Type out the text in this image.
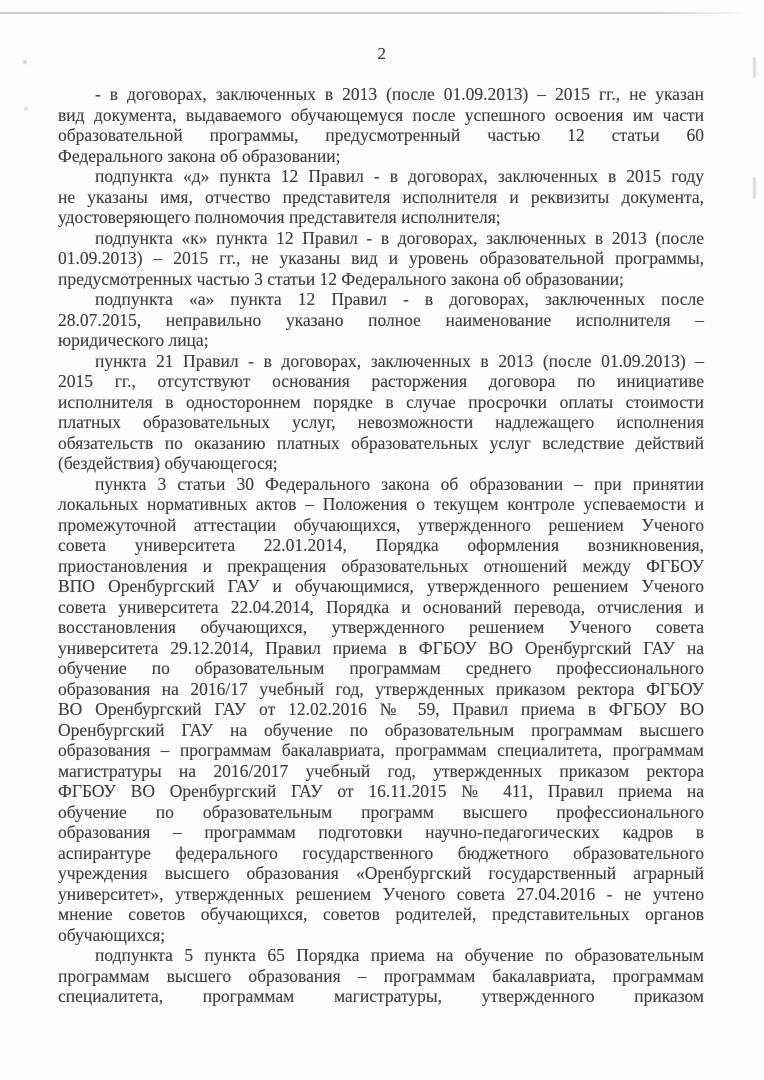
2
- в договорах, заключенных в 2013 (после 01.09.2013) – 2015 гг., не указан
вид документа, выдаваемого обучающемуся после успешного освоения им части
образовательной программы, предусмотренный частью 12 статьи 60
Федерального закона об образовании;
подпункта «д» пункта 12 Правил - в договорах, заключенных в 2015 году
не указаны имя, отчество представителя исполнителя и реквизиты документа,
удостоверяющего полномочия представителя исполнителя;
подпункта «к» пункта 12 Правил - в договорах, заключенных в 2013 (после
01.09.2013) – 2015 гг., не указаны вид и уровень образовательной программы,
предусмотренных частью 3 статьи 12 Федерального закона об образовании;
подпункта «а» пункта 12 Правил - в договорах, заключенных после
28.07.2015, неправильно указано полное наименование исполнителя –
юридического лица;
пункта 21 Правил - в договорах, заключенных в 2013 (после 01.09.2013) –
2015 гг., отсутствуют основания расторжения договора по инициативе
исполнителя в одностороннем порядке в случае просрочки оплаты стоимости
платных образовательных услуг, невозможности надлежащего исполнения
обязательств по оказанию платных образовательных услуг вследствие действий
(бездействия) обучающегося;
пункта 3 статьи 30 Федерального закона об образовании – при принятии
локальных нормативных актов – Положения о текущем контроле успеваемости и
промежуточной аттестации обучающихся, утвержденного решением Ученого
совета университета 22.01.2014, Порядка оформления возникновения,
приостановления и прекращения образовательных отношений между ФГБОУ
ВПО Оренбургский ГАУ и обучающимися, утвержденного решением Ученого
совета университета 22.04.2014, Порядка и оснований перевода, отчисления и
восстановления обучающихся, утвержденного решением Ученого совета
университета 29.12.2014, Правил приема в ФГБОУ ВО Оренбургский ГАУ на
обучение по образовательным программам среднего профессионального
образования на 2016/17 учебный год, утвержденных приказом ректора ФГБОУ
ВО Оренбургский ГАУ от 12.02.2016 № 59, Правил приема в ФГБОУ ВО
Оренбургский ГАУ на обучение по образовательным программам высшего
образования – программам бакалавриата, программам специалитета, программам
магистратуры на 2016/2017 учебный год, утвержденных приказом ректора
ФГБОУ ВО Оренбургский ГАУ от 16.11.2015 № 411, Правил приема на
обучение по образовательным программ высшего профессионального
образования – программам подготовки научно-педагогических кадров в
аспирантуре федерального государственного бюджетного образовательного
учреждения высшего образования «Оренбургский государственный аграрный
университет», утвержденных решением Ученого совета 27.04.2016 - не учтено
мнение советов обучающихся, советов родителей, представительных органов
обучающихся;
подпункта 5 пункта 65 Порядка приема на обучение по образовательным
программам высшего образования – программам бакалавриата, программам
специалитета, программам магистратуры, утвержденного приказом
